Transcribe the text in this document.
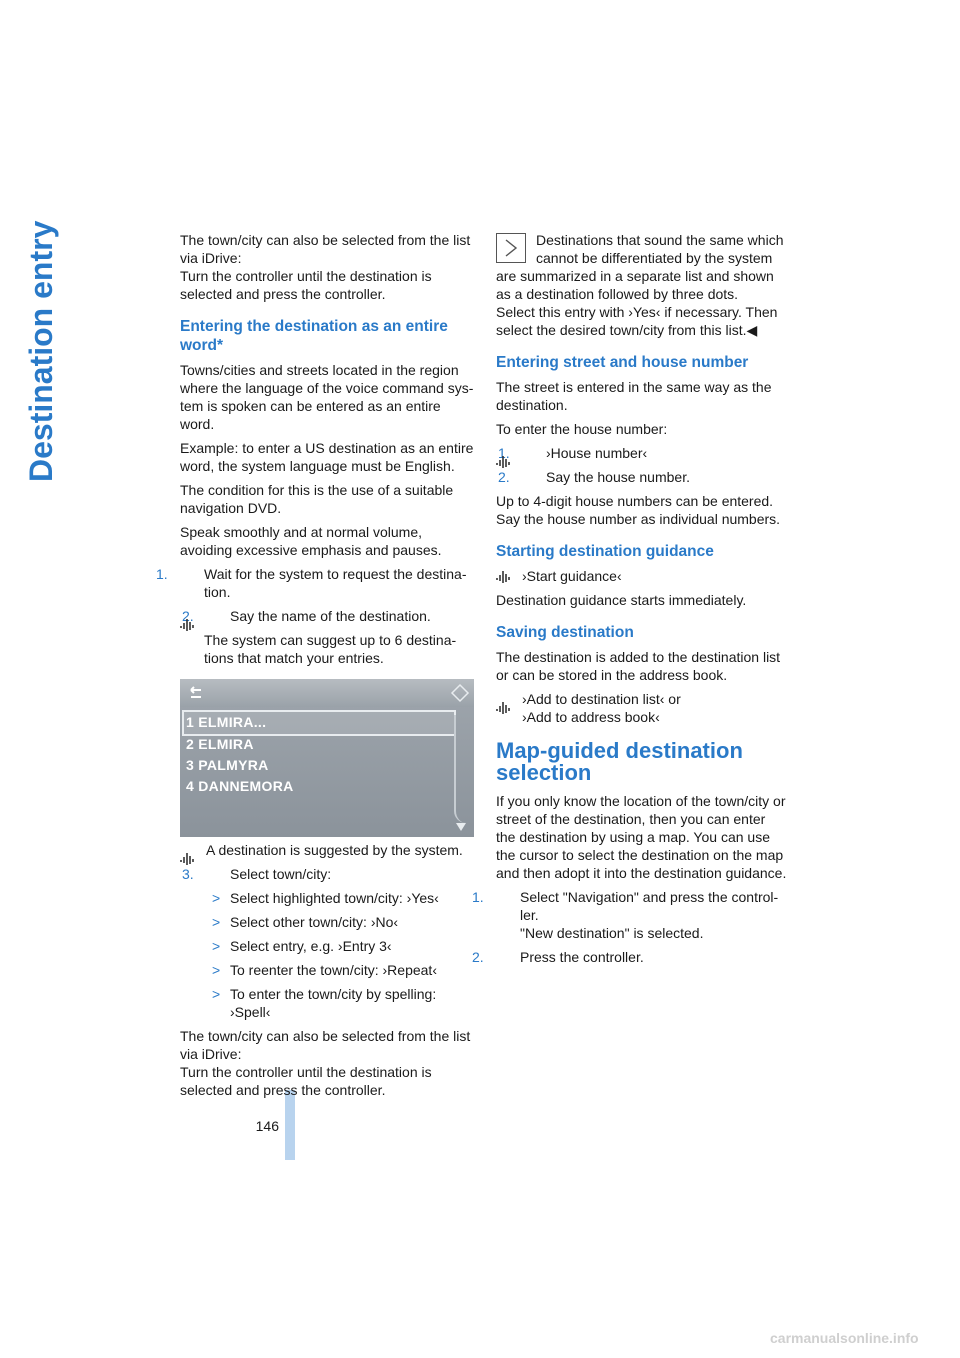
Destination entry
146

The town/city can also be selected from the list via iDrive:

Turn the controller until the destination is selected and press the controller.

Entering the destination as an entire word*

Towns/cities and streets located in the region where the language of the voice command sys-tem is spoken can be entered as an entire word.

Example: to enter a US destination as an entire word, the system language must be English.

The condition for this is the use of a suitable navigation DVD.

Speak smoothly and at normal volume, avoiding excessive emphasis and pauses.

1.	Wait for the system to request the destina-tion.

2.	Say the name of the destination.

The system can suggest up to 6 destina-tions that match your entries.

1 ELMIRA...
2 ELMIRA
3 PALMYRA
4 DANNEMORA

A destination is suggested by the system.

3.	Select town/city:

> Select highlighted town/city: ›Yes‹

> Select other town/city: ›No‹

> Select entry, e.g. ›Entry 3‹

> To reenter the town/city: ›Repeat‹

> To enter the town/city by spelling: ›Spell‹

The town/city can also be selected from the list via iDrive:

Turn the controller until the destination is selected and press the controller.

Destinations that sound the same which cannot be differentiated by the system are summarized in a separate list and shown as a destination followed by three dots.

Select this entry with ›Yes‹ if necessary. Then select the desired town/city from this list.◀

Entering street and house number

The street is entered in the same way as the destination.

To enter the house number:

1.	›House number‹

2.	Say the house number.

Up to 4-digit house numbers can be entered. Say the house number as individual numbers.

Starting destination guidance

›Start guidance‹

Destination guidance starts immediately.

Saving destination

The destination is added to the destination list or can be stored in the address book.

›Add to destination list‹ or

›Add to address book‹

Map-guided destination selection

If you only know the location of the town/city or street of the destination, then you can enter the destination by using a map. You can use the cursor to select the destination on the map and then adopt it into the destination guidance.

1.	Select "Navigation" and press the control-ler.
"New destination" is selected.

2.	Press the controller.

carmanualsonline.info
